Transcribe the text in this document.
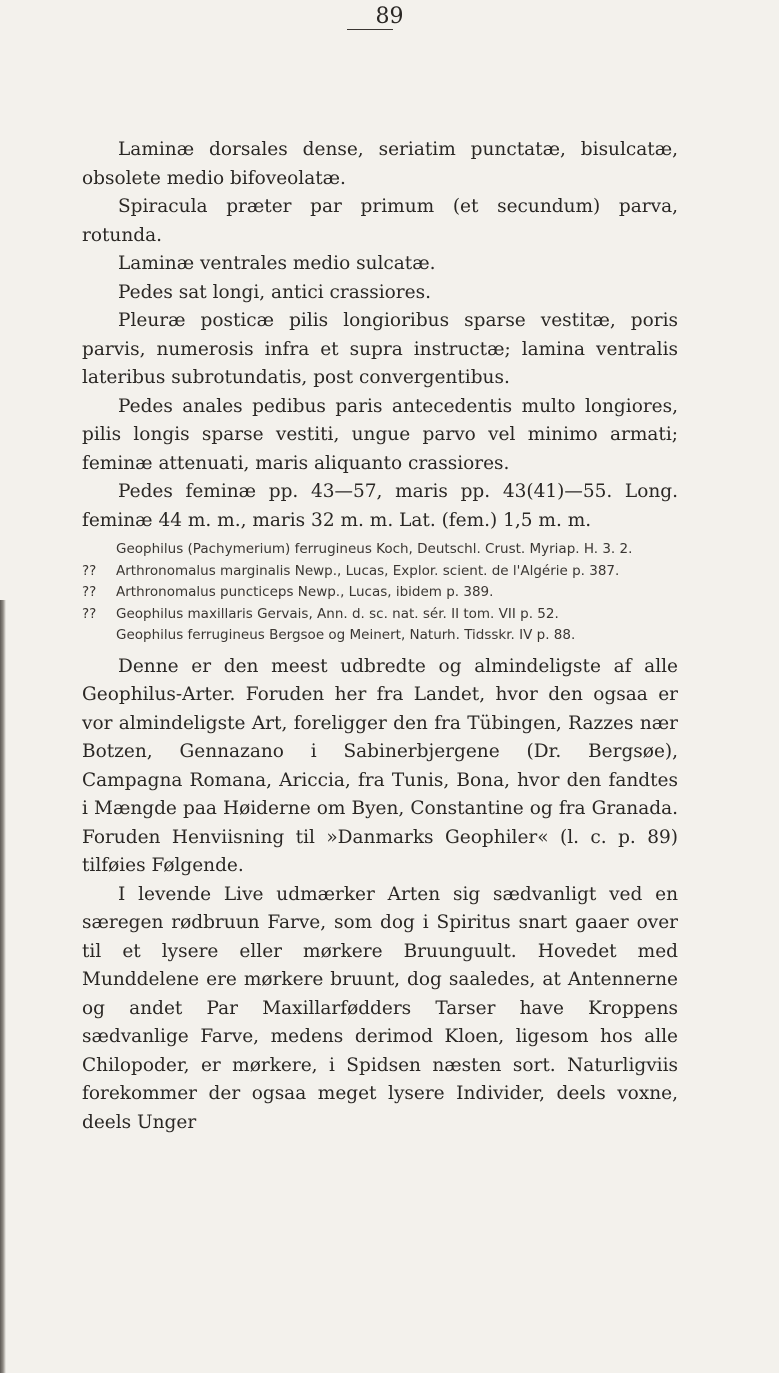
89

Laminæ dorsales dense, seriatim punctatæ, bisulcatæ, obsolete medio bifoveolatæ.

Spiracula præter par primum (et secundum) parva, rotunda.

Laminæ ventrales medio sulcatæ.

Pedes sat longi, antici crassiores.

Pleuræ posticæ pilis longioribus sparse vestitæ, poris parvis, numerosis infra et supra instructæ; lamina ventralis lateribus subrotundatis, post convergentibus.

Pedes anales pedibus paris antecedentis multo longiores, pilis longis sparse vestiti, ungue parvo vel minimo armati; feminæ attenuati, maris aliquanto crassiores.

Pedes feminæ pp. 43—57, maris pp. 43(41)—55. Long. feminæ 44 m. m., maris 32 m. m. Lat. (fem.) 1,5 m. m.

Geophilus (Pachymerium) ferrugineus Koch, Deutschl. Crust. Myriap. H. 3. 2.
?? Arthronomalus marginalis Newp., Lucas, Explor. scient. de l'Algérie p. 387.
?? Arthronomalus puncticeps Newp., Lucas, ibidem p. 389.
?? Geophilus maxillaris Gervais, Ann. d. sc. nat. sér. II tom. VII p. 52.
Geophilus ferrugineus Bergsoe og Meinert, Naturh. Tidsskr. IV p. 88.

Denne er den meest udbredte og almindeligste af alle Geophilus-Arter. Foruden her fra Landet, hvor den ogsaa er vor almindeligste Art, foreligger den fra Tübingen, Razzes nær Botzen, Gennazano i Sabinerbjergene (Dr. Bergsøe), Campagna Romana, Ariccia, fra Tunis, Bona, hvor den fandtes i Mængde paa Høiderne om Byen, Constantine og fra Granada. Foruden Henviisning til »Danmarks Geophiler« (l. c. p. 89) tilføies Følgende.

I levende Live udmærker Arten sig sædvanligt ved en særegen rødbruun Farve, som dog i Spiritus snart gaaer over til et lysere eller mørkere Bruunguult. Hovedet med Munddelene ere mørkere bruunt, dog saaledes, at Antennerne og andet Par Maxillarfødders Tarser have Kroppens sædvanlige Farve, medens derimod Kloen, ligesom hos alle Chilopoder, er mørkere, i Spidsen næsten sort. Naturligviis forekommer der ogsaa meget lysere Individer, deels voxne, deels Unger
